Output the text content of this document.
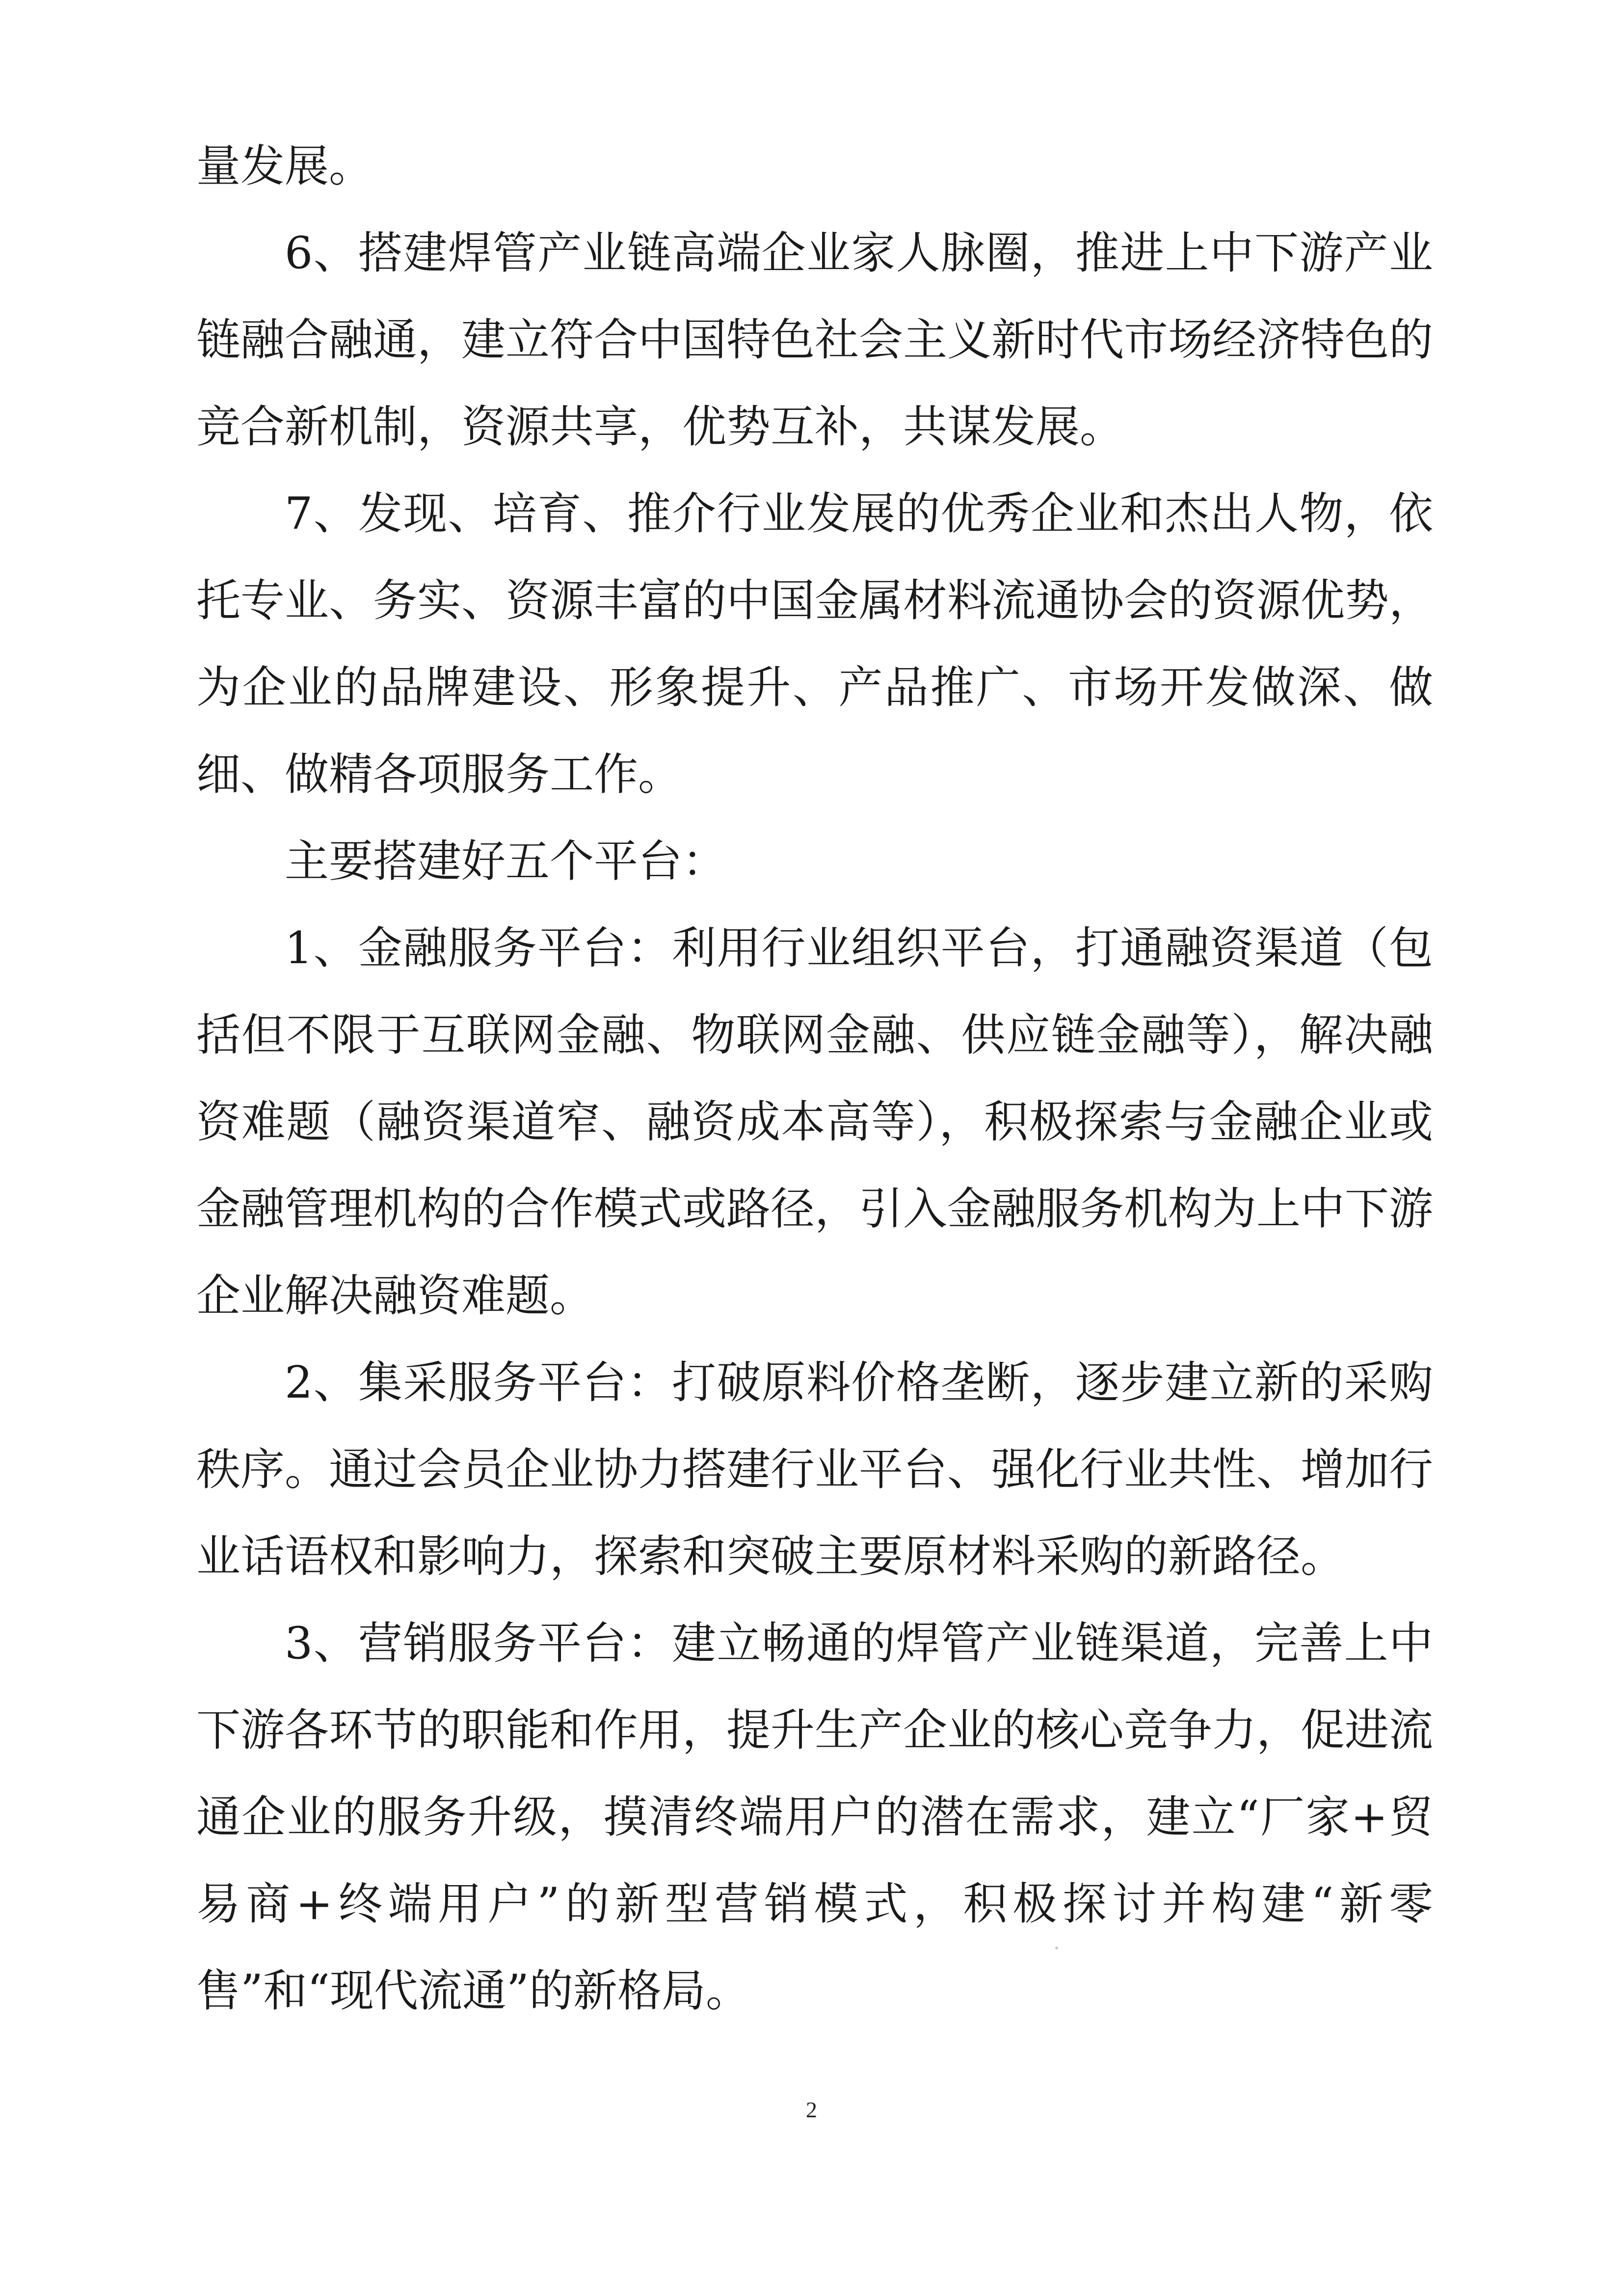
量发展。

6、搭建焊管产业链高端企业家人脉圈，推进上中下游产业链融合融通，建立符合中国特色社会主义新时代市场经济特色的竞合新机制，资源共享，优势互补，共谋发展。

7、发现、培育、推介行业发展的优秀企业和杰出人物，依托专业、务实、资源丰富的中国金属材料流通协会的资源优势，为企业的品牌建设、形象提升、产品推广、市场开发做深、做细、做精各项服务工作。

主要搭建好五个平台：

1、金融服务平台：利用行业组织平台，打通融资渠道（包括但不限于互联网金融、物联网金融、供应链金融等），解决融资难题（融资渠道窄、融资成本高等），积极探索与金融企业或金融管理机构的合作模式或路径，引入金融服务机构为上中下游企业解决融资难题。

2、集采服务平台：打破原料价格垄断，逐步建立新的采购秩序。通过会员企业协力搭建行业平台、强化行业共性、增加行业话语权和影响力，探索和突破主要原材料采购的新路径。

3、营销服务平台：建立畅通的焊管产业链渠道，完善上中下游各环节的职能和作用，提升生产企业的核心竞争力，促进流通企业的服务升级，摸清终端用户的潜在需求，建立“厂家+贸易商+终端用户”的新型营销模式，积极探讨并构建“新零售”和“现代流通”的新格局。

2
